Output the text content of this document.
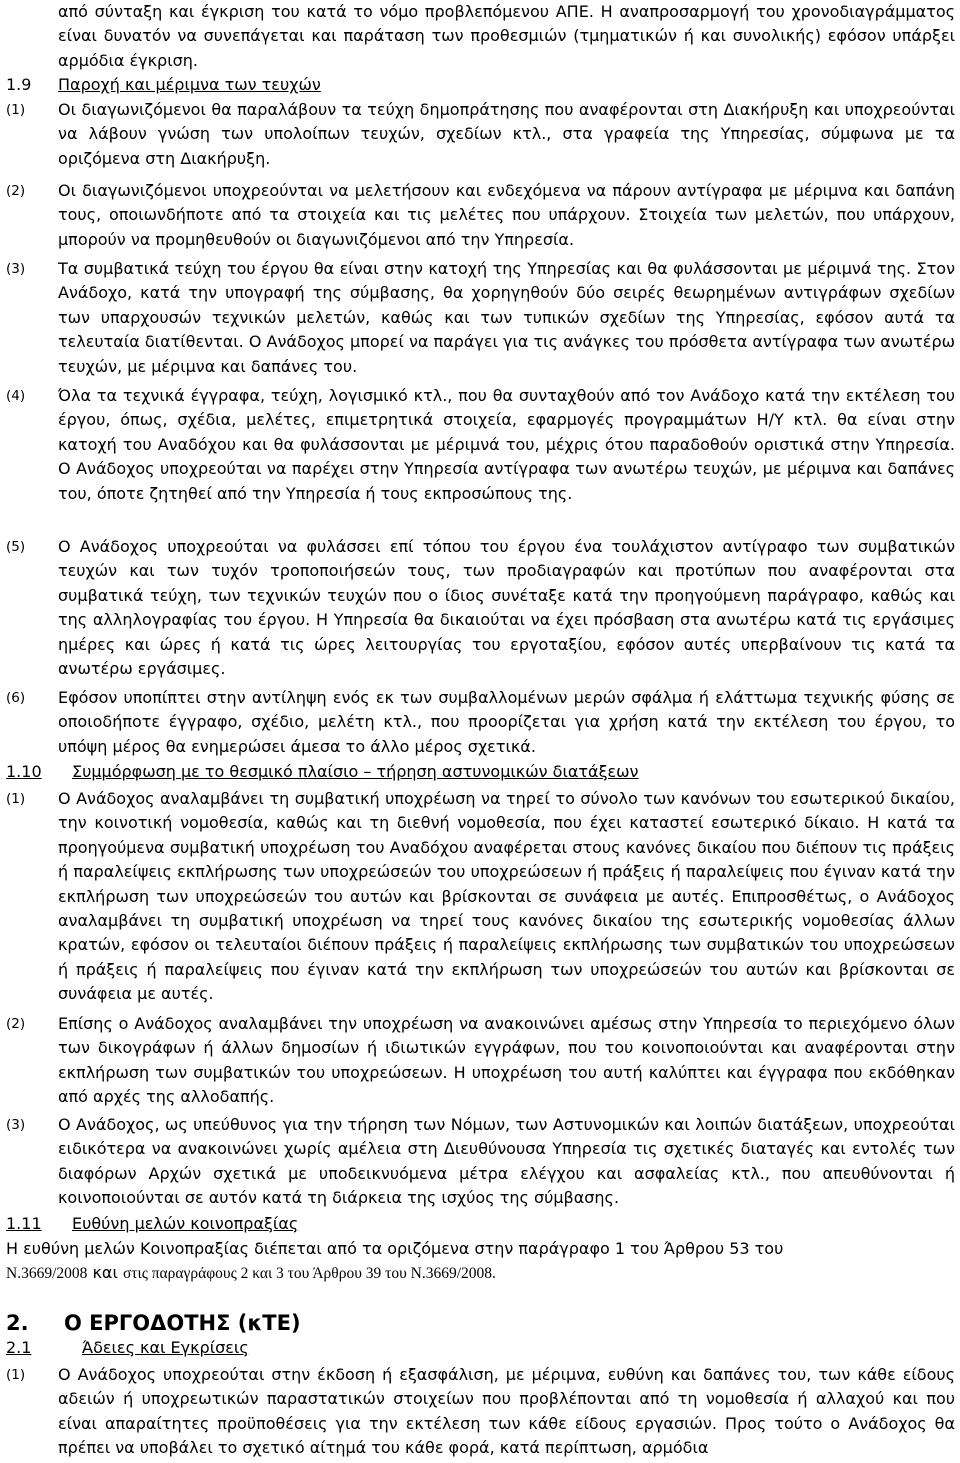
από σύνταξη και έγκριση του κατά το νόμο προβλεπόμενου ΑΠΕ. Η αναπροσαρμογή του χρονοδιαγράμματος είναι δυνατόν να συνεπάγεται και παράταση των προθεσμιών (τμηματικών ή και συνολικής) εφόσον υπάρξει αρμόδια έγκριση.
1.9 Παροχή και μέριμνα των τευχών
(1) Οι διαγωνιζόμενοι θα παραλάβουν τα τεύχη δημοπράτησης που αναφέρονται στη Διακήρυξη και υποχρεούνται να λάβουν γνώση των υπολοίπων τευχών, σχεδίων κτλ., στα γραφεία της Υπηρεσίας, σύμφωνα με τα οριζόμενα στη Διακήρυξη.
(2) Οι διαγωνιζόμενοι υποχρεούνται να μελετήσουν και ενδεχόμενα να πάρουν αντίγραφα με μέριμνα και δαπάνη τους, οποιωνδήποτε από τα στοιχεία και τις μελέτες που υπάρχουν. Στοιχεία των μελετών, που υπάρχουν, μπορούν να προμηθευθούν οι διαγωνιζόμενοι από την Υπηρεσία.
(3) Τα συμβατικά τεύχη του έργου θα είναι στην κατοχή της Υπηρεσίας και θα φυλάσσονται με μέριμνά της. Στον Ανάδοχο, κατά την υπογραφή της σύμβασης, θα χορηγηθούν δύο σειρές θεωρημένων αντιγράφων σχεδίων των υπαρχουσών τεχνικών μελετών, καθώς και των τυπικών σχεδίων της Υπηρεσίας, εφόσον αυτά τα τελευταία διατίθενται. Ο Ανάδοχος μπορεί να παράγει για τις ανάγκες του πρόσθετα αντίγραφα των ανωτέρω τευχών, με μέριμνα και δαπάνες του.
(4) Όλα τα τεχνικά έγγραφα, τεύχη, λογισμικό κτλ., που θα συνταχθούν από τον Ανάδοχο κατά την εκτέλεση του έργου, όπως, σχέδια, μελέτες, επιμετρητικά στοιχεία, εφαρμογές προγραμμάτων Η/Υ κτλ. θα είναι στην κατοχή του Αναδόχου και θα φυλάσσονται με μέριμνά του, μέχρις ότου παραδοθούν οριστικά στην Υπηρεσία. Ο Ανάδοχος υποχρεούται να παρέχει στην Υπηρεσία αντίγραφα των ανωτέρω τευχών, με μέριμνα και δαπάνες του, όποτε ζητηθεί από την Υπηρεσία ή τους εκπροσώπους της.
(5) Ο Ανάδοχος υποχρεούται να φυλάσσει επί τόπου του έργου ένα τουλάχιστον αντίγραφο των συμβατικών τευχών και των τυχόν τροποποιήσεών τους, των προδιαγραφών και προτύπων που αναφέρονται στα συμβατικά τεύχη, των τεχνικών τευχών που ο ίδιος συνέταξε κατά την προηγούμενη παράγραφο, καθώς και της αλληλογραφίας του έργου. Η Υπηρεσία θα δικαιούται να έχει πρόσβαση στα ανωτέρω κατά τις εργάσιμες ημέρες και ώρες ή κατά τις ώρες λειτουργίας του εργοταξίου, εφόσον αυτές υπερβαίνουν τις κατά τα ανωτέρω εργάσιμες.
(6) Εφόσον υποπίπτει στην αντίληψη ενός εκ των συμβαλλομένων μερών σφάλμα ή ελάττωμα τεχνικής φύσης σε οποιοδήποτε έγγραφο, σχέδιο, μελέτη κτλ., που προορίζεται για χρήση κατά την εκτέλεση του έργου, το υπόψη μέρος θα ενημερώσει άμεσα το άλλο μέρος σχετικά.
1.10 Συμμόρφωση με το θεσμικό πλαίσιο – τήρηση αστυνομικών διατάξεων
(1) Ο Ανάδοχος αναλαμβάνει τη συμβατική υποχρέωση να τηρεί το σύνολο των κανόνων του εσωτερικού δικαίου, την κοινοτική νομοθεσία, καθώς και τη διεθνή νομοθεσία, που έχει καταστεί εσωτερικό δίκαιο. Η κατά τα προηγούμενα συμβατική υποχρέωση του Αναδόχου αναφέρεται στους κανόνες δικαίου που διέπουν τις πράξεις ή παραλείψεις εκπλήρωσης των υποχρεώσεών του υποχρεώσεων ή πράξεις ή παραλείψεις που έγιναν κατά την εκπλήρωση των υποχρεώσεών του αυτών και βρίσκονται σε συνάφεια με αυτές. Επιπροσθέτως, ο Ανάδοχος αναλαμβάνει τη συμβατική υποχρέωση να τηρεί τους κανόνες δικαίου της εσωτερικής νομοθεσίας άλλων κρατών, εφόσον οι τελευταίοι διέπουν πράξεις ή παραλείψεις εκπλήρωσης των συμβατικών του υποχρεώσεων ή πράξεις ή παραλείψεις που έγιναν κατά την εκπλήρωση των υποχρεώσεών του αυτών και βρίσκονται σε συνάφεια με αυτές.
(2) Επίσης ο Ανάδοχος αναλαμβάνει την υποχρέωση να ανακοινώνει αμέσως στην Υπηρεσία το περιεχόμενο όλων των δικογράφων ή άλλων δημοσίων ή ιδιωτικών εγγράφων, που του κοινοποιούνται και αναφέρονται στην εκπλήρωση των συμβατικών του υποχρεώσεων. Η υποχρέωση του αυτή καλύπτει και έγγραφα που εκδόθηκαν από αρχές της αλλοδαπής.
(3) Ο Ανάδοχος, ως υπεύθυνος για την τήρηση των Νόμων, των Αστυνομικών και λοιπών διατάξεων, υποχρεούται ειδικότερα να ανακοινώνει χωρίς αμέλεια στη Διευθύνουσα Υπηρεσία τις σχετικές διαταγές και εντολές των διαφόρων Αρχών σχετικά με υποδεικνυόμενα μέτρα ελέγχου και ασφαλείας κτλ., που απευθύνονται ή κοινοποιούνται σε αυτόν κατά τη διάρκεια της ισχύος της σύμβασης.
1.11 Ευθύνη μελών κοινοπραξίας
Η ευθύνη μελών Κοινοπραξίας διέπεται από τα οριζόμενα στην παράγραφο 1 του Άρθρου 53 του
Ν.3669/2008 και στις παραγράφους 2 και 3 του Άρθρου 39 του Ν.3669/2008.
2. Ο ΕΡΓΟΔΟΤΗΣ (κΤΕ)
2.1	Άδειες και Εγκρίσεις
(1) Ο Ανάδοχος υποχρεούται στην έκδοση ή εξασφάλιση, με μέριμνα, ευθύνη και δαπάνες του, των κάθε είδους αδειών ή υποχρεωτικών παραστατικών στοιχείων που προβλέπονται από τη νομοθεσία ή αλλαχού και που είναι απαραίτητες προϋποθέσεις για την εκτέλεση των κάθε είδους εργασιών. Προς τούτο ο Ανάδοχος θα πρέπει να υποβάλει το σχετικό αίτημά του κάθε φορά, κατά περίπτωση, αρμόδια
